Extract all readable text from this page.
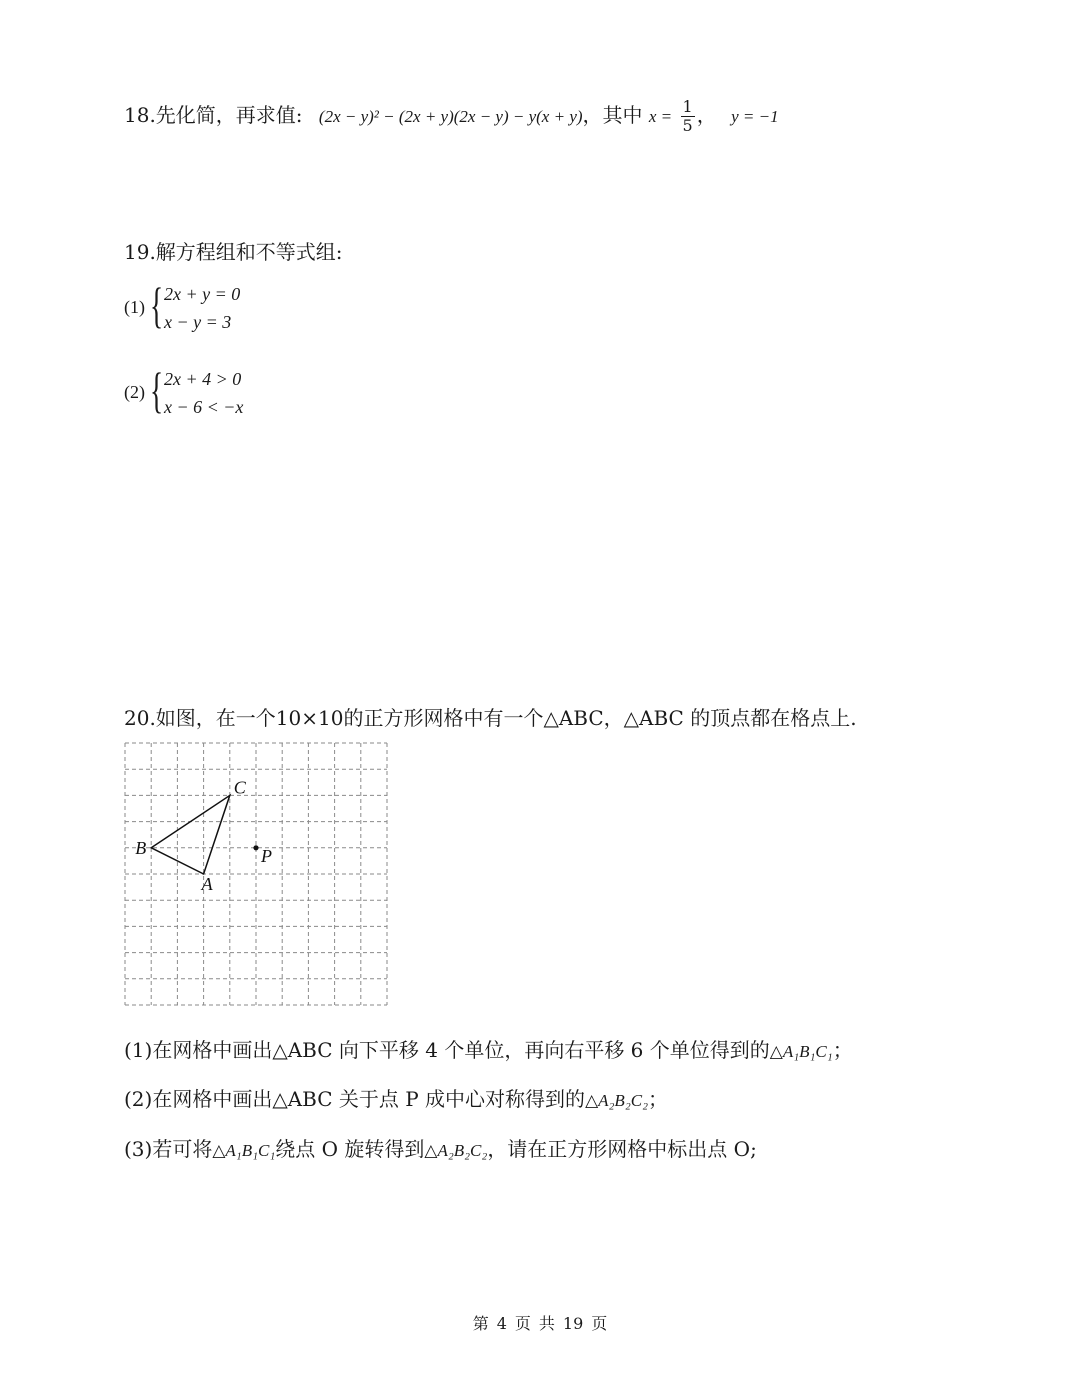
18.先化简，再求值: (2x − y)² − (2x + y)(2x − y) − y(x + y)，其中 $x = \frac{1}{5}$ ， y = −1
19.解方程组和不等式组:
(1) { 2x + y = 0
x − y = 3
(2) { 2x + 4 > 0
x − 6 < −x
20.如图，在一个10×10的正方形网格中有一个△ABC，△ABC 的顶点都在格点上.
A
B
C
P
(1)在网格中画出△ABC 向下平移 4 个单位，再向右平移 6 个单位得到的△A₁B₁C₁；
(2)在网格中画出△ABC 关于点 P 成中心对称得到的△A₂B₂C₂；
(3)若可将△A₁B₁C₁绕点 O 旋转得到△A₂B₂C₂，请在正方形网格中标出点 O;
第 4 页 共 19 页
